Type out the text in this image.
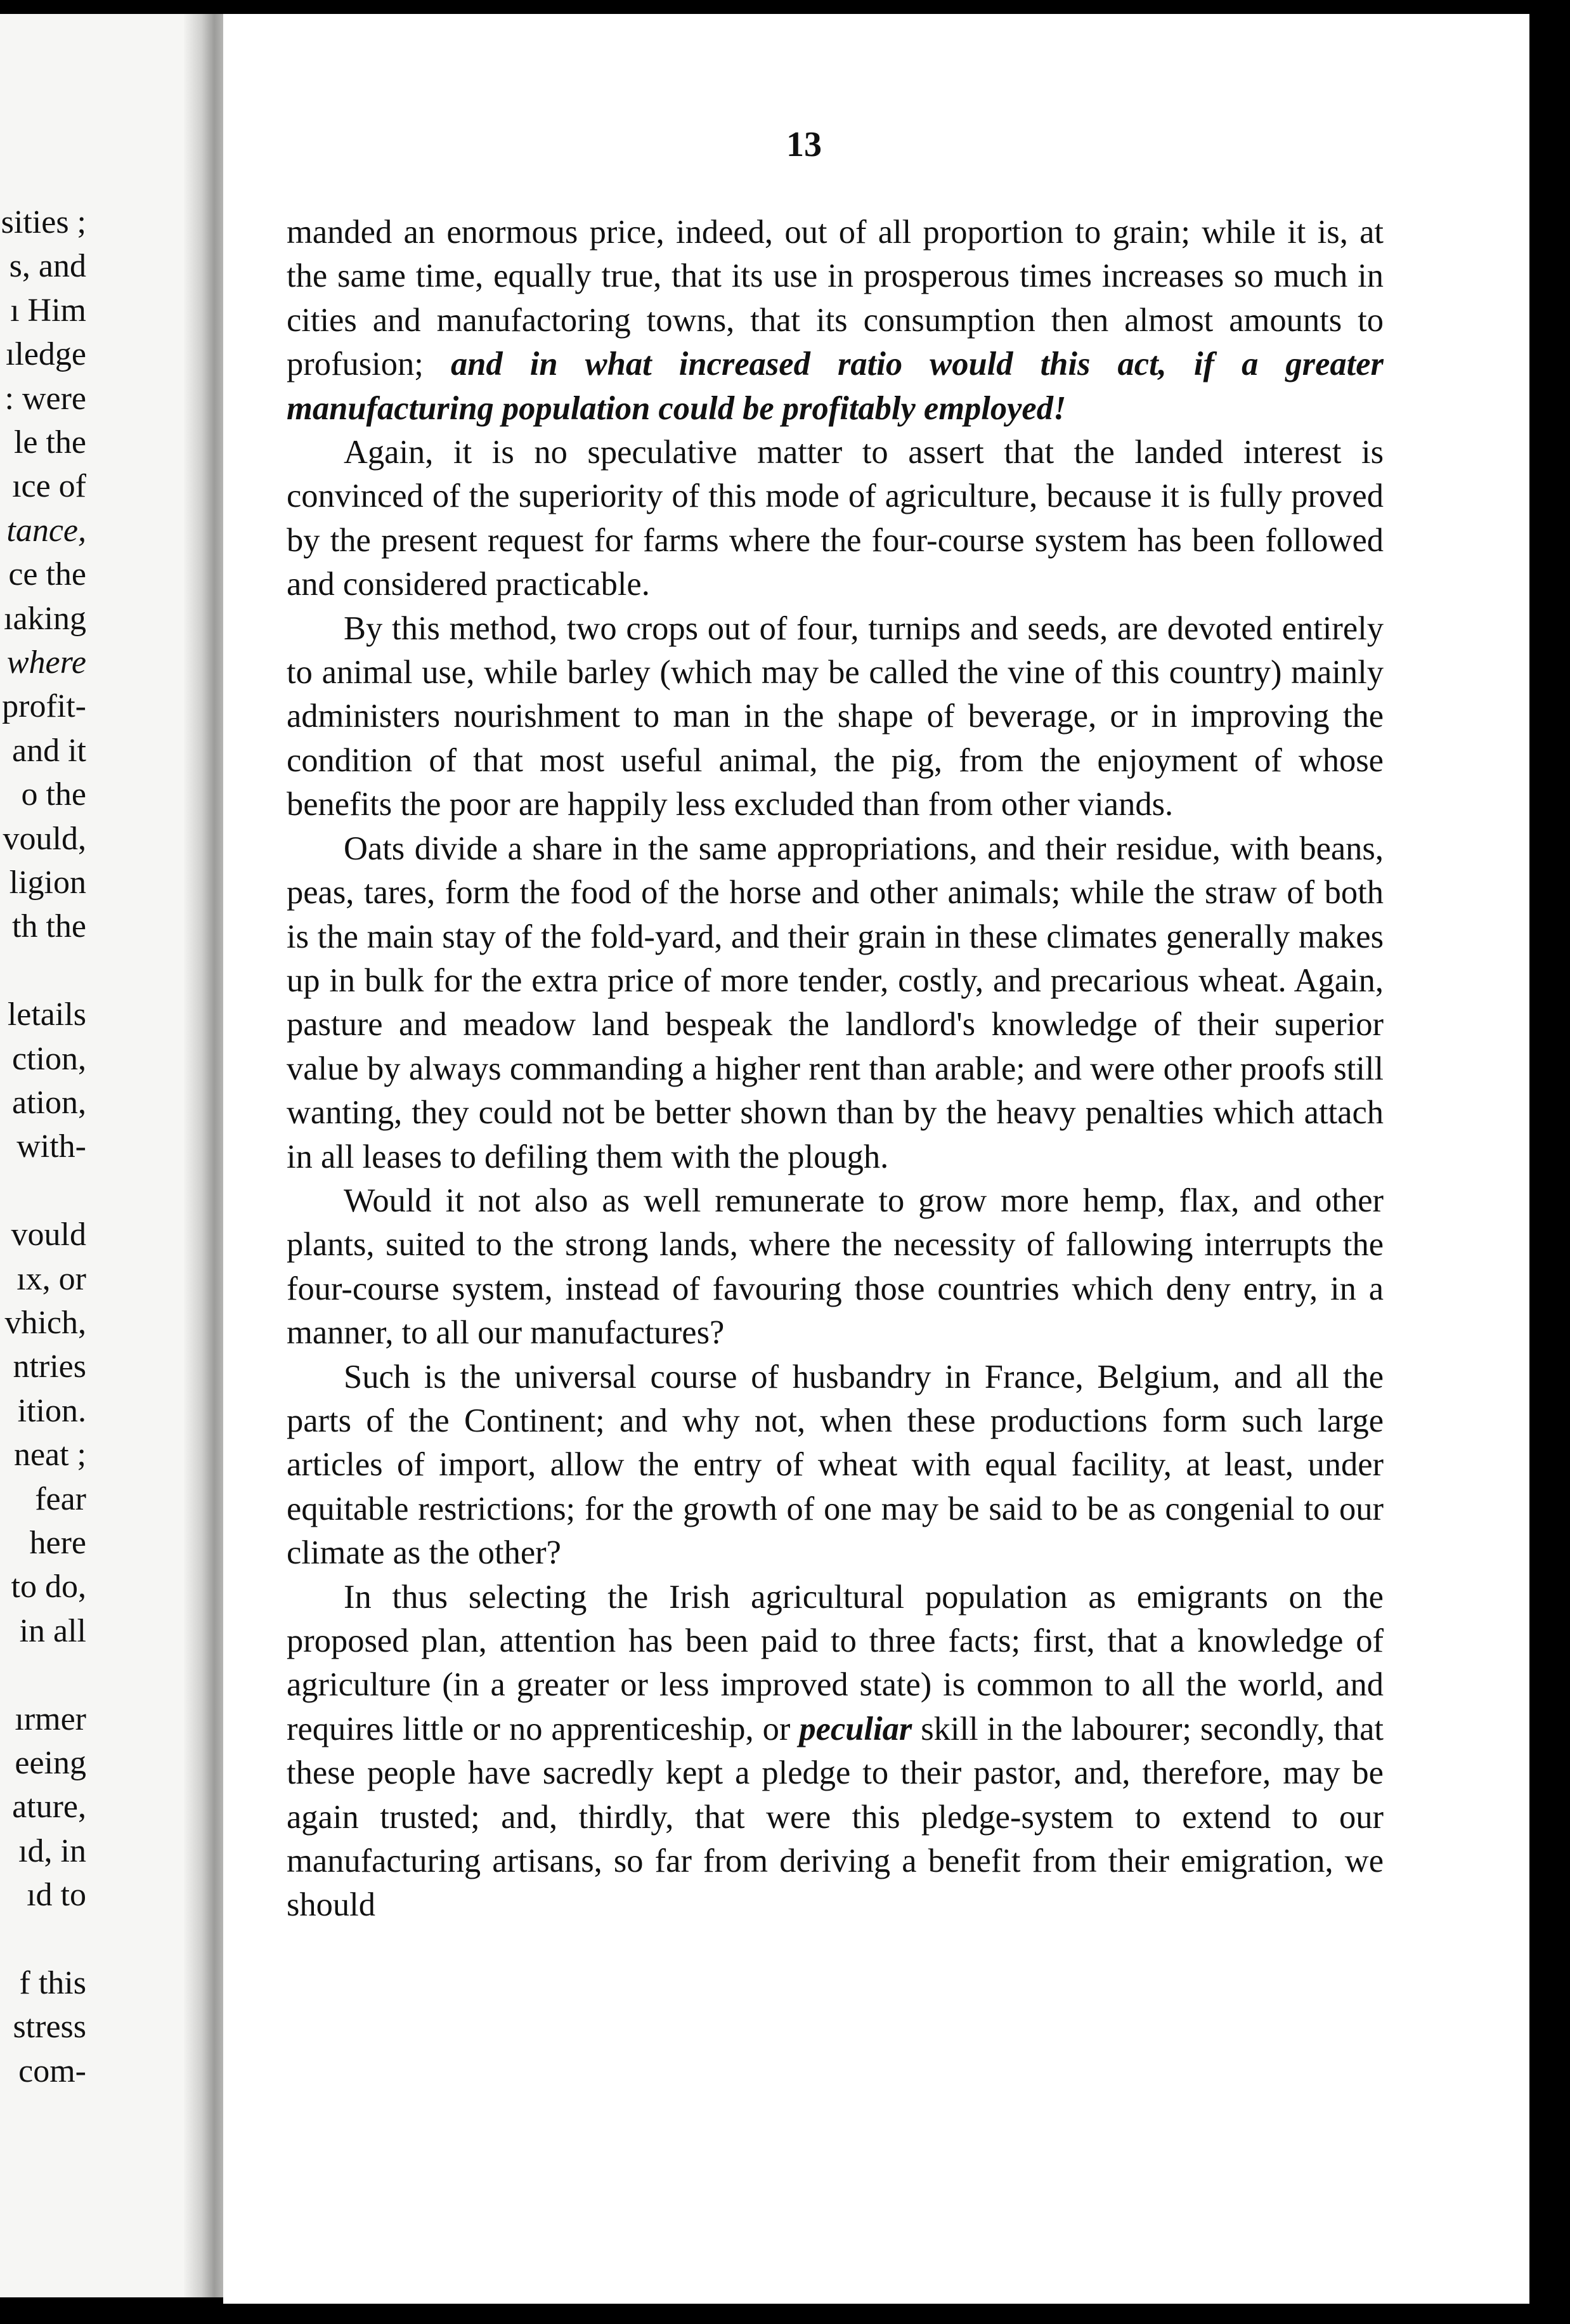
sities ;
s, and
ı Him
ıledge
: were
le the
ıce of
tance,
ce the
ıaking
where
profit-
and it
o the
vould,
ligion
th the
letails
ction,
ation,
with-
vould
ıx, or
vhich,
ntries
ition.
neat ;
fear
here
to do,
in all
ırmer
eeing
ature,
ıd, in
ıd to
f this
stress
com-
13

manded an enormous price, indeed, out of all proportion to grain; while it is, at the same time, equally true, that its use in prosperous times increases so much in cities and manufactoring towns, that its consumption then almost amounts to profusion; and in what increased ratio would this act, if a greater manufacturing population could be profitably employed!

Again, it is no speculative matter to assert that the landed interest is convinced of the superiority of this mode of agriculture, because it is fully proved by the present request for farms where the four-course system has been followed and considered practicable.

By this method, two crops out of four, turnips and seeds, are devoted entirely to animal use, while barley (which may be called the vine of this country) mainly administers nourishment to man in the shape of beverage, or in improving the condition of that most useful animal, the pig, from the enjoyment of whose benefits the poor are happily less excluded than from other viands.

Oats divide a share in the same appropriations, and their residue, with beans, peas, tares, form the food of the horse and other animals; while the straw of both is the main stay of the fold-yard, and their grain in these climates generally makes up in bulk for the extra price of more tender, costly, and precarious wheat. Again, pasture and meadow land bespeak the landlord's knowledge of their superior value by always commanding a higher rent than arable; and were other proofs still wanting, they could not be better shown than by the heavy penalties which attach in all leases to defiling them with the plough.

Would it not also as well remunerate to grow more hemp, flax, and other plants, suited to the strong lands, where the necessity of fallowing interrupts the four-course system, instead of favouring those countries which deny entry, in a manner, to all our manufactures?

Such is the universal course of husbandry in France, Belgium, and all the parts of the Continent; and why not, when these productions form such large articles of import, allow the entry of wheat with equal facility, at least, under equitable restrictions; for the growth of one may be said to be as congenial to our climate as the other?

In thus selecting the Irish agricultural population as emigrants on the proposed plan, attention has been paid to three facts; first, that a knowledge of agriculture (in a greater or less improved state) is common to all the world, and requires little or no apprenticeship, or peculiar skill in the labourer; secondly, that these people have sacredly kept a pledge to their pastor, and, therefore, may be again trusted; and, thirdly, that were this pledge-system to extend to our manufacturing artisans, so far from deriving a benefit from their emigration, we should
